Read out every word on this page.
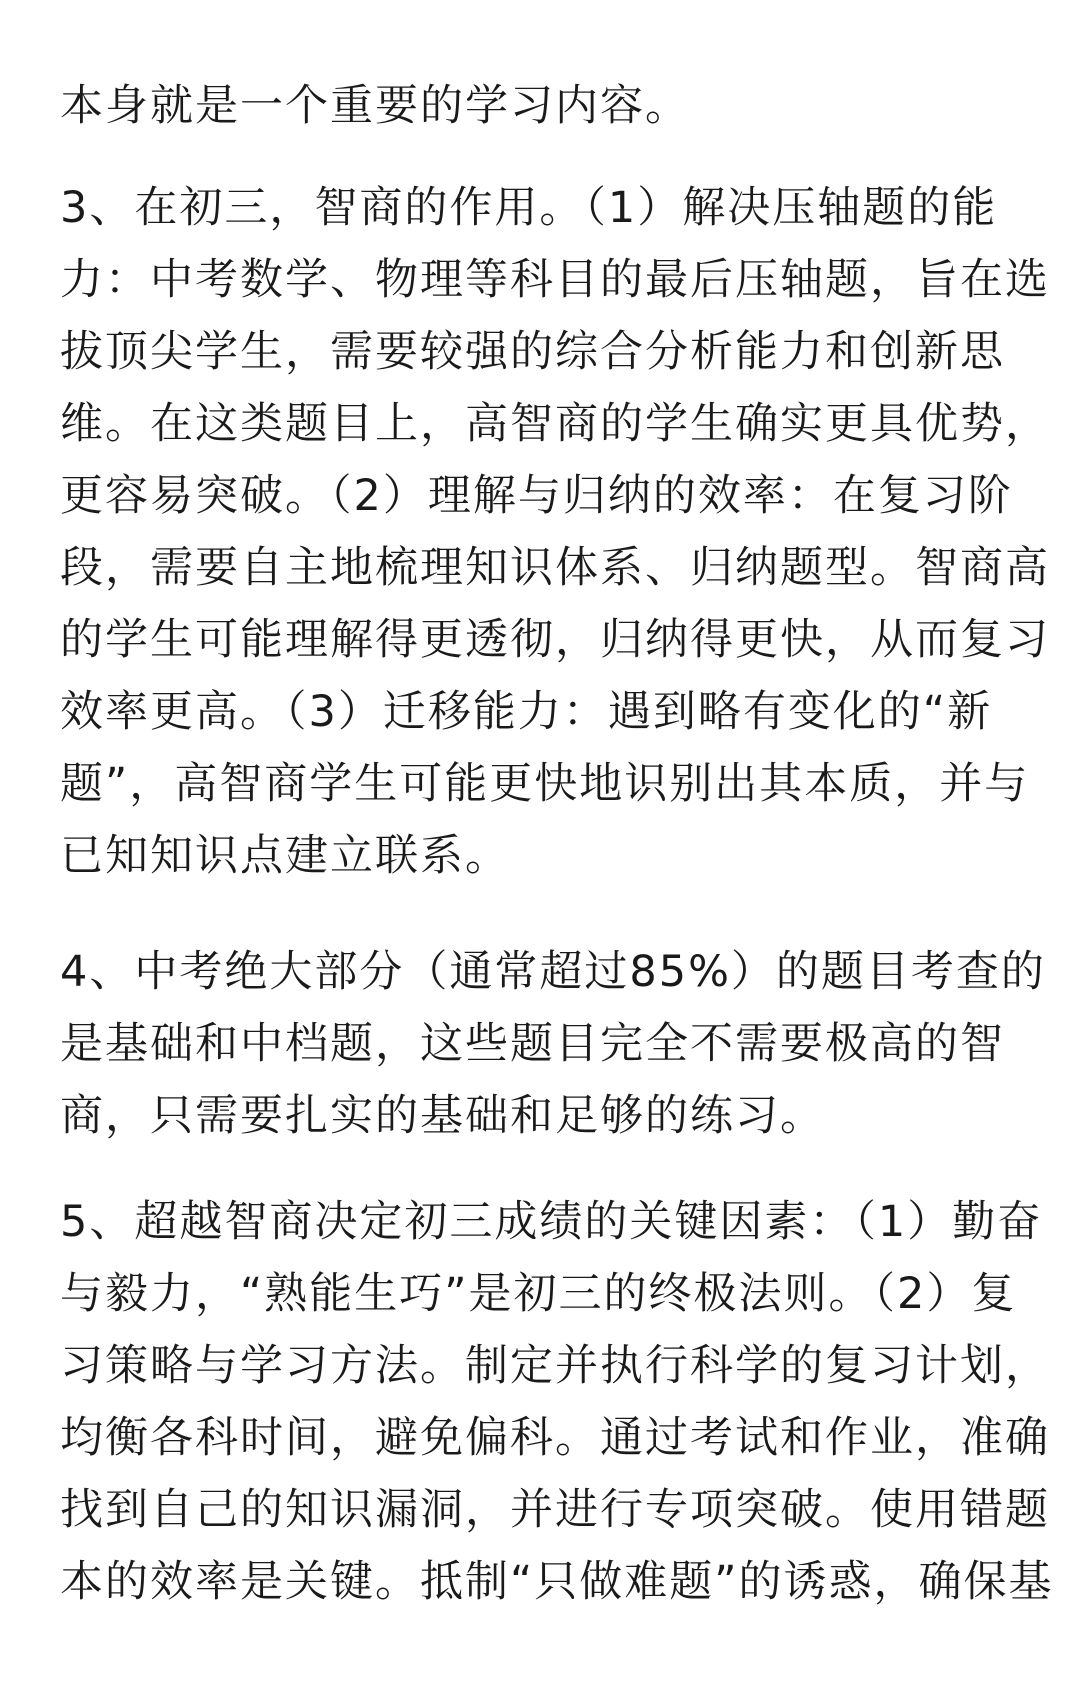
本身就是一个重要的学习内容。
3、在初三，智商的作用。（1）解决压轴题的能
力：中考数学、物理等科目的最后压轴题，旨在选
拔顶尖学生，需要较强的综合分析能力和创新思
维。在这类题目上，高智商的学生确实更具优势，
更容易突破。（2）理解与归纳的效率：在复习阶
段，需要自主地梳理知识体系、归纳题型。智商高
的学生可能理解得更透彻，归纳得更快，从而复习
效率更高。（3）迁移能力：遇到略有变化的“新
题”，高智商学生可能更快地识别出其本质，并与
已知知识点建立联系。
4、中考绝大部分（通常超过85%）的题目考查的
是基础和中档题，这些题目完全不需要极高的智
商，只需要扎实的基础和足够的练习。
5、超越智商决定初三成绩的关键因素：（1）勤奋
与毅力，“熟能生巧”是初三的终极法则。（2）复
习策略与学习方法。制定并执行科学的复习计划，
均衡各科时间，避免偏科。通过考试和作业，准确
找到自己的知识漏洞，并进行专项突破。使用错题
本的效率是关键。抵制“只做难题”的诱惑，确保基
